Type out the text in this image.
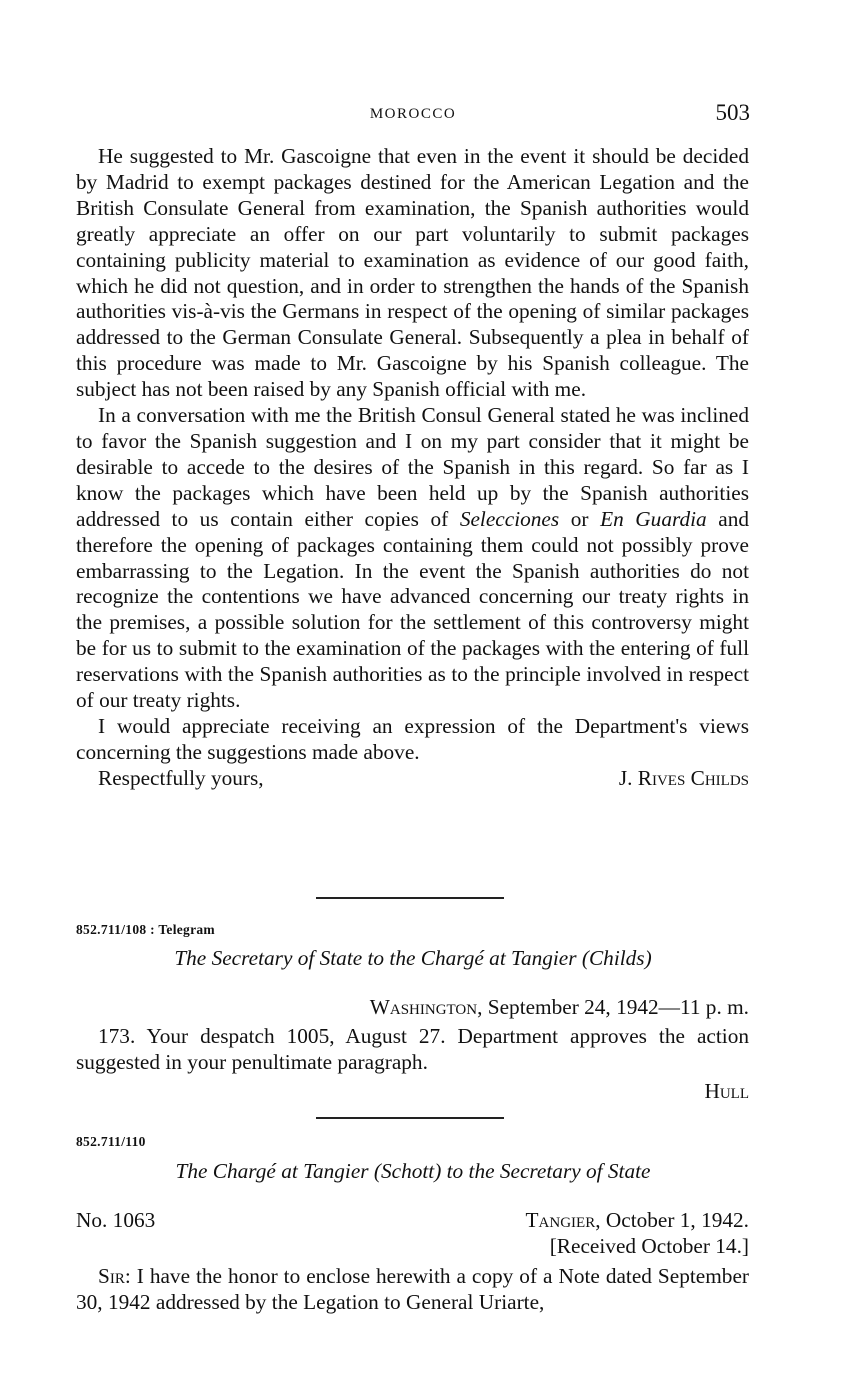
MOROCCO	503

He suggested to Mr. Gascoigne that even in the event it should be decided by Madrid to exempt packages destined for the American Legation and the British Consulate General from examination, the Spanish authorities would greatly appreciate an offer on our part voluntarily to submit packages containing publicity material to examination as evidence of our good faith, which he did not question, and in order to strengthen the hands of the Spanish authorities vis-à-vis the Germans in respect of the opening of similar packages addressed to the German Consulate General. Subsequently a plea in behalf of this procedure was made to Mr. Gascoigne by his Spanish colleague. The subject has not been raised by any Spanish official with me.

In a conversation with me the British Consul General stated he was inclined to favor the Spanish suggestion and I on my part consider that it might be desirable to accede to the desires of the Spanish in this regard. So far as I know the packages which have been held up by the Spanish authorities addressed to us contain either copies of Selecciones or En Guardia and therefore the opening of packages containing them could not possibly prove embarrassing to the Legation. In the event the Spanish authorities do not recognize the contentions we have advanced concerning our treaty rights in the premises, a possible solution for the settlement of this controversy might be for us to submit to the examination of the packages with the entering of full reservations with the Spanish authorities as to the principle involved in respect of our treaty rights.

I would appreciate receiving an expression of the Department's views concerning the suggestions made above.

Respectfully yours,	J. Rives Childs
852.711/108 : Telegram
The Secretary of State to the Chargé at Tangier (Childs)
Washington, September 24, 1942—11 p. m.

173. Your despatch 1005, August 27. Department approves the action suggested in your penultimate paragraph.

Hull
852.711/110
The Chargé at Tangier (Schott) to the Secretary of State
No. 1063	Tangier, October 1, 1942.
[Received October 14.]

Sir: I have the honor to enclose herewith a copy of a Note dated September 30, 1942 addressed by the Legation to General Uriarte,
